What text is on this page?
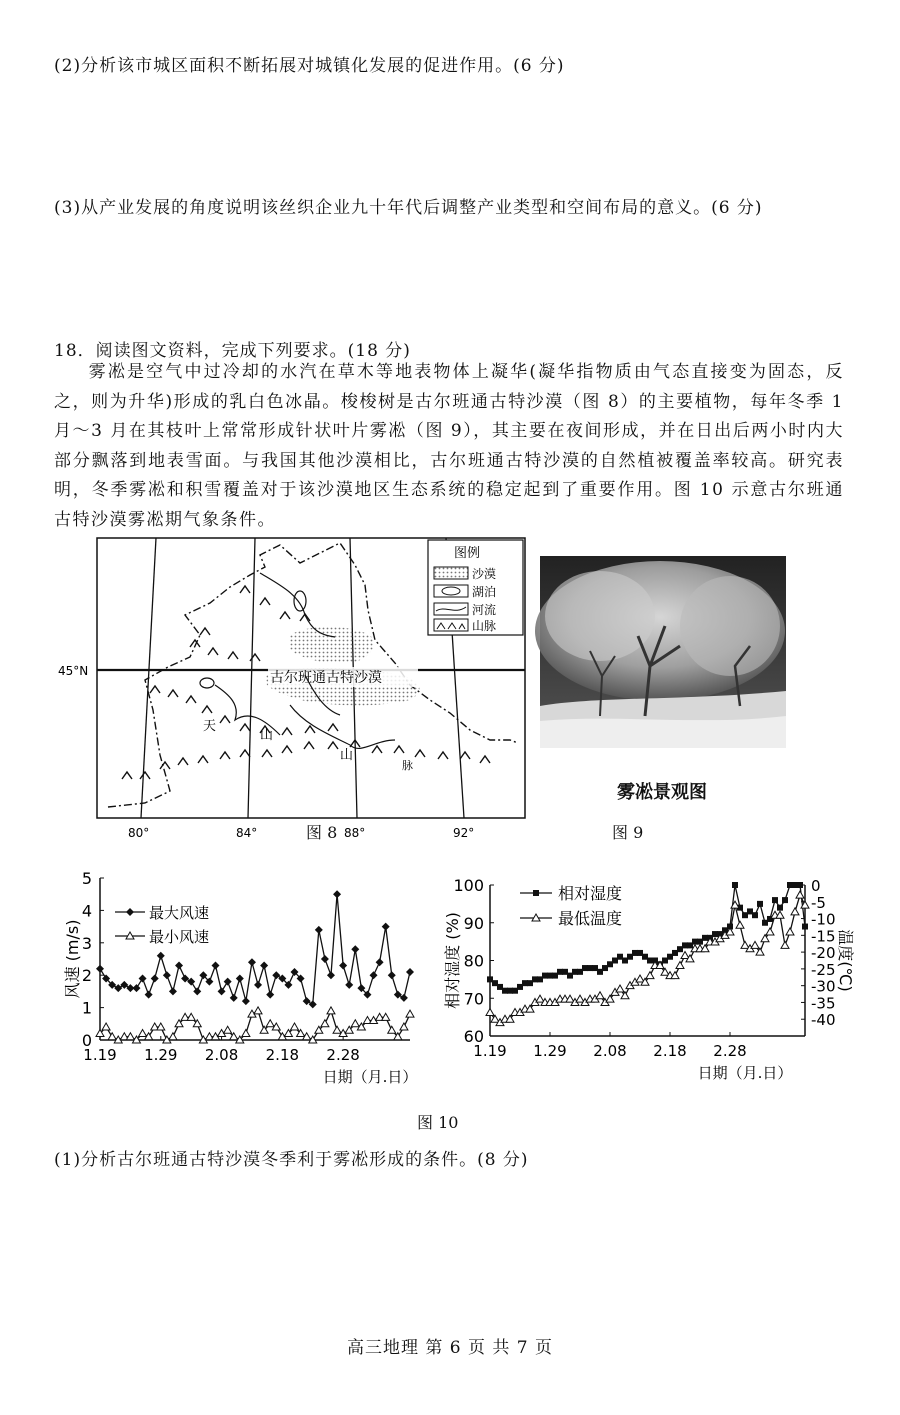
(2)分析该市城区面积不断拓展对城镇化发展的促进作用。(6 分)
(3)从产业发展的角度说明该丝织企业九十年代后调整产业类型和空间布局的意义。(6 分)
18．阅读图文资料，完成下列要求。(18 分)
雾凇是空气中过冷却的水汽在草木等地表物体上凝华(凝华指物质由气态直接变为固态，反之，则为升华)形成的乳白色冰晶。梭梭树是古尔班通古特沙漠（图 8）的主要植物，每年冬季 1 月～3 月在其枝叶上常常形成针状叶片雾凇（图 9），其主要在夜间形成，并在日出后两小时内大部分飘落到地表雪面。与我国其他沙漠相比，古尔班通古特沙漠的自然植被覆盖率较高。研究表明，冬季雾凇和积雪覆盖对于该沙漠地区生态系统的稳定起到了重要作用。图 10 示意古尔班通古特沙漠雾凇期气象条件。
45°N	古尔班通古特沙漠
天
山
山
脉
图例
沙漠
湖泊
河流
山脉
80°	84°	88°	92°
雾凇景观图
图 8	图 9
0
1
2
3
4
5
1.19 1.29 2.08 2.18 2.28
风速 (m/s)
日期（月.日）
最大风速
最小风速
60
70
80
90
100	0
-5
-10
-15
-20
-25
-30
-35
-40
1.19 1.29 2.08 2.18 2.28
相对湿度 (%)	温度(℃)
日期（月.日）
相对湿度
最低温度
图 10
(1)分析古尔班通古特沙漠冬季利于雾凇形成的条件。(8 分)
高三地理 第 6 页 共 7 页
